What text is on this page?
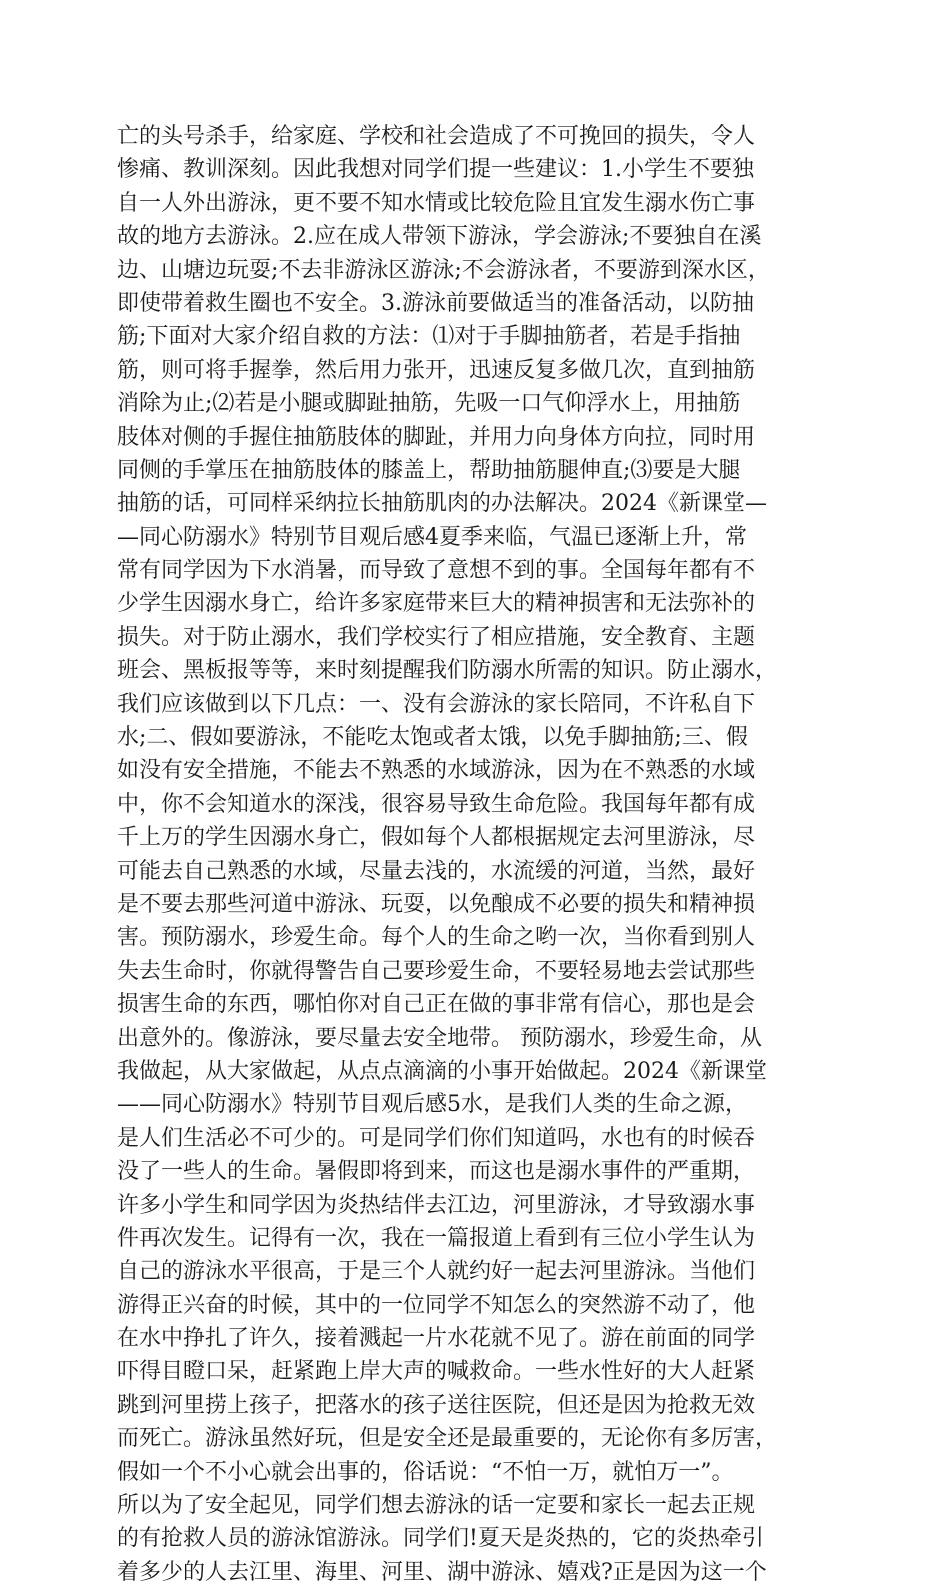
亡的头号杀手，给家庭、学校和社会造成了不可挽回的损失，令人
惨痛、教训深刻。因此我想对同学们提一些建议：1.小学生不要独
自一人外出游泳，更不要不知水情或比较危险且宜发生溺水伤亡事
故的地方去游泳。2.应在成人带领下游泳，学会游泳;不要独自在溪
边、山塘边玩耍;不去非游泳区游泳;不会游泳者，不要游到深水区，
即使带着救生圈也不安全。3.游泳前要做适当的准备活动，以防抽
筋;下面对大家介绍自救的方法：⑴对于手脚抽筋者，若是手指抽
筋，则可将手握拳，然后用力张开，迅速反复多做几次，直到抽筋
消除为止;⑵若是小腿或脚趾抽筋，先吸一口气仰浮水上，用抽筋
肢体对侧的手握住抽筋肢体的脚趾，并用力向身体方向拉，同时用
同侧的手掌压在抽筋肢体的膝盖上，帮助抽筋腿伸直;⑶要是大腿
抽筋的话，可同样采纳拉长抽筋肌肉的办法解决。2024《新课堂—
—同心防溺水》特别节目观后感4夏季来临，气温已逐渐上升，常
常有同学因为下水消暑，而导致了意想不到的事。全国每年都有不
少学生因溺水身亡，给许多家庭带来巨大的精神损害和无法弥补的
损失。对于防止溺水，我们学校实行了相应措施，安全教育、主题
班会、黑板报等等，来时刻提醒我们防溺水所需的知识。防止溺水，
我们应该做到以下几点：一、没有会游泳的家长陪同，不许私自下
水;二、假如要游泳，不能吃太饱或者太饿，以免手脚抽筋;三、假
如没有安全措施，不能去不熟悉的水域游泳，因为在不熟悉的水域
中，你不会知道水的深浅，很容易导致生命危险。我国每年都有成
千上万的学生因溺水身亡，假如每个人都根据规定去河里游泳，尽
可能去自己熟悉的水域，尽量去浅的，水流缓的河道，当然，最好
是不要去那些河道中游泳、玩耍，以免酿成不必要的损失和精神损
害。预防溺水，珍爱生命。每个人的生命之哟一次，当你看到别人
失去生命时，你就得警告自己要珍爱生命，不要轻易地去尝试那些
损害生命的东西，哪怕你对自己正在做的事非常有信心，那也是会
出意外的。像游泳，要尽量去安全地带。 预防溺水，珍爱生命，从
我做起，从大家做起，从点点滴滴的小事开始做起。2024《新课堂
——同心防溺水》特别节目观后感5水，是我们人类的生命之源，
是人们生活必不可少的。可是同学们你们知道吗，水也有的时候吞
没了一些人的生命。暑假即将到来，而这也是溺水事件的严重期，
许多小学生和同学因为炎热结伴去江边，河里游泳，才导致溺水事
件再次发生。记得有一次，我在一篇报道上看到有三位小学生认为
自己的游泳水平很高，于是三个人就约好一起去河里游泳。当他们
游得正兴奋的时候，其中的一位同学不知怎么的突然游不动了，他
在水中挣扎了许久，接着溅起一片水花就不见了。游在前面的同学
吓得目瞪口呆，赶紧跑上岸大声的喊救命。一些水性好的大人赶紧
跳到河里捞上孩子，把落水的孩子送往医院，但还是因为抢救无效
而死亡。游泳虽然好玩，但是安全还是最重要的，无论你有多厉害，
假如一个不小心就会出事的，俗话说：“不怕一万，就怕万一”。
所以为了安全起见，同学们想去游泳的话一定要和家长一起去正规
的有抢救人员的游泳馆游泳。同学们!夏天是炎热的，它的炎热牵引
着多少的人去江里、海里、河里、湖中游泳、嬉戏?正是因为这一个
